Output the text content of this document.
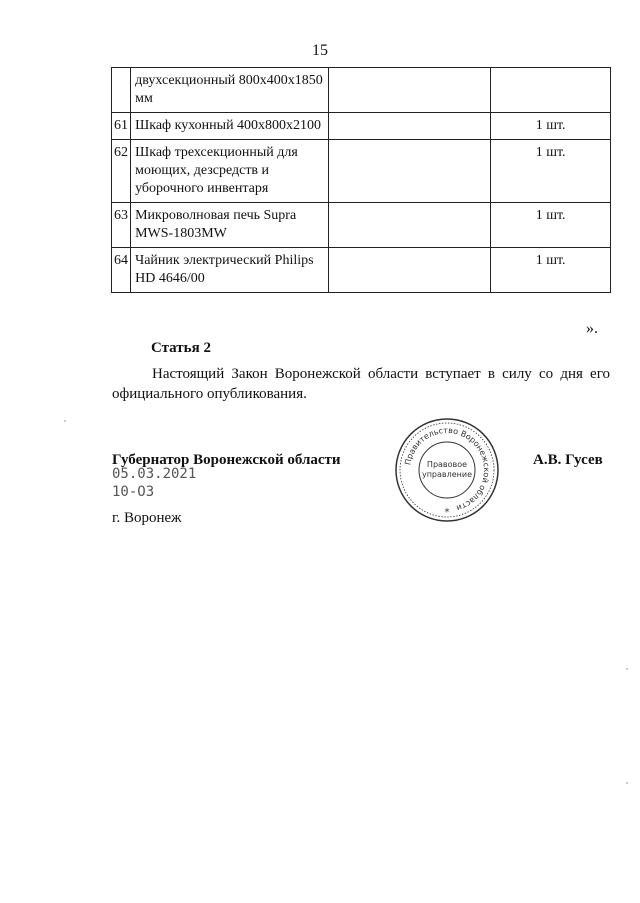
15
	двухсекционный 800х400х1850 мм		
61	Шкаф кухонный 400х800х2100		1 шт.
62	Шкаф трехсекционный для моющих, дезсредств и уборочного инвентаря		1 шт.
63	Микроволновая печь Supra MWS-1803MW		1 шт.
64	Чайник электрический Philips HD 4646/00		1 шт.
».
Статья 2
Настоящий Закон Воронежской области вступает в силу со дня его официального опубликования.
Губернатор Воронежской области
05.03.2021
10-ОЗ
г. Воронеж
А.В. Гусев
Правительство Воронежской области
Правовое
управление
*
